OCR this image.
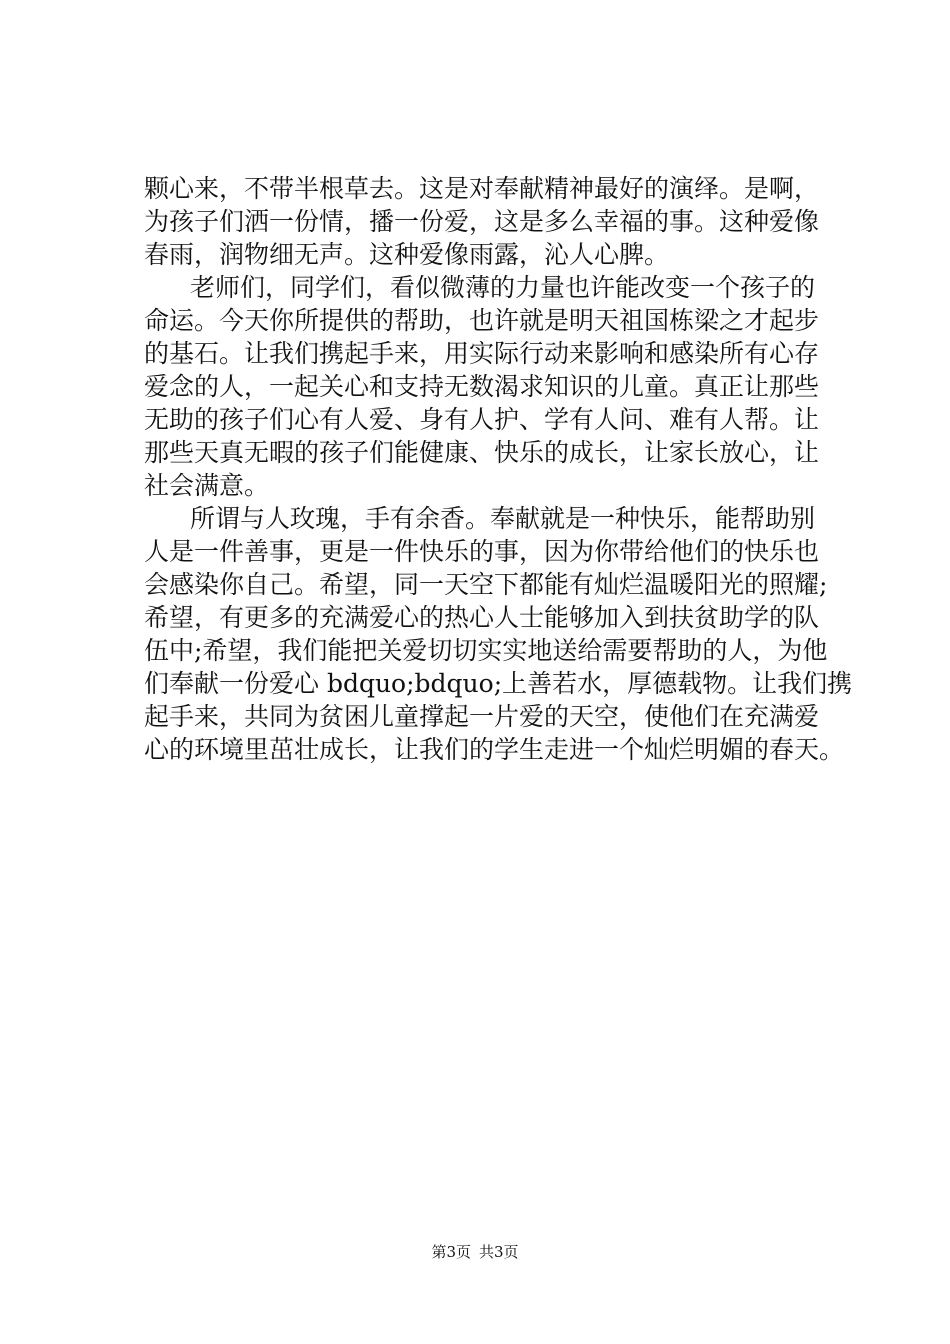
颗心来，不带半根草去。这是对奉献精神最好的演绎。是啊，
为孩子们洒一份情，播一份爱，这是多么幸福的事。这种爱像
春雨，润物细无声。这种爱像雨露，沁人心脾。
老师们，同学们，看似微薄的力量也许能改变一个孩子的
命运。今天你所提供的帮助，也许就是明天祖国栋梁之才起步
的基石。让我们携起手来，用实际行动来影响和感染所有心存
爱念的人，一起关心和支持无数渴求知识的儿童。真正让那些
无助的孩子们心有人爱、身有人护、学有人问、难有人帮。让
那些天真无暇的孩子们能健康、快乐的成长，让家长放心，让
社会满意。
所谓与人玫瑰，手有余香。奉献就是一种快乐，能帮助别
人是一件善事，更是一件快乐的事，因为你带给他们的快乐也
会感染你自己。希望，同一天空下都能有灿烂温暖阳光的照耀;
希望，有更多的充满爱心的热心人士能够加入到扶贫助学的队
伍中;希望，我们能把关爱切切实实地送给需要帮助的人，为他
们奉献一份爱心 bdquo;bdquo;上善若水，厚德载物。让我们携
起手来，共同为贫困儿童撑起一片爱的天空，使他们在充满爱
心的环境里茁壮成长，让我们的学生走进一个灿烂明媚的春天。
第3页 共3页
